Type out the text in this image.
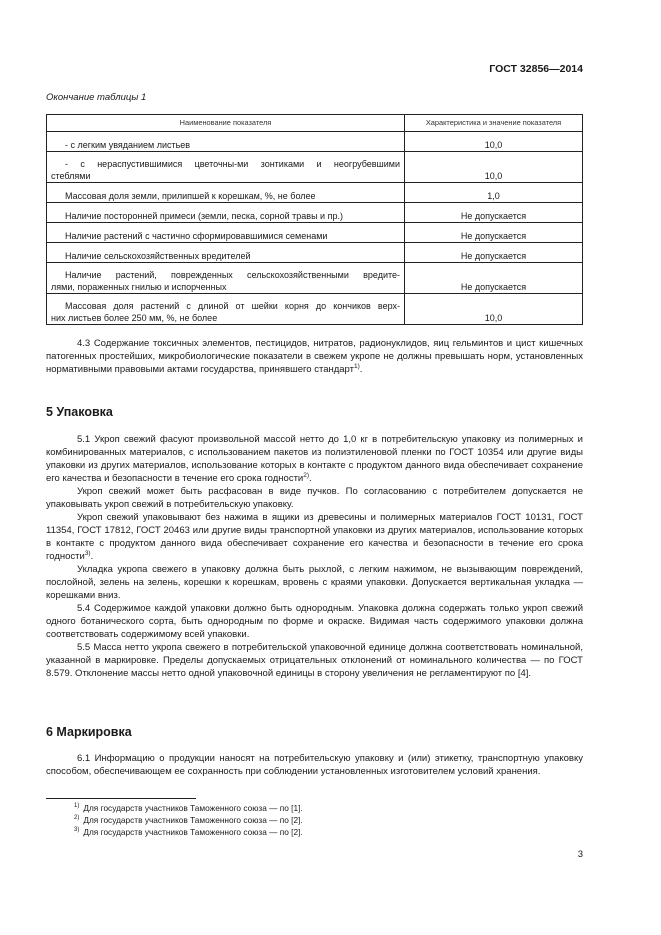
ГОСТ 32856—2014
Окончание таблицы 1
Наименование показателя	Характеристика и значение показателя
- с легким увяданием листьев	10,0

- с нераспустившимися цветочны-ми зонтиками и неогрубевшими
стеблями	10,0
Массовая доля земли, прилипшей к корешкам, %, не более	1,0
Наличие посторонней примеси (земли, песка, сорной травы и пр.)	Не допускается
Наличие растений с частично сформировавшимися семенами	Не допускается
Наличие сельскохозяйственных вредителей	Не допускается

Наличие растений, поврежденных сельскохозяйственными вредите-
лями, пораженных гнилью и испорченных	Не допускается

Массовая доля растений с длиной от шейки корня до кончиков верх-
них листьев более 250 мм, %, не более	10,0

4.3 Содержание токсичных элементов, пестицидов, нитратов, радионуклидов, яиц гельминтов и цист кишечных патогенных простейших, микробиологические показатели в свежем укропе не должны превышать норм, установленных нормативными правовыми актами государства, принявшего стандарт$^{1)}$.

5 Упаковка

5.1 Укроп свежий фасуют произвольной массой нетто до 1,0 кг в потребительскую упаковку из полимерных и комбинированных материалов, с использованием пакетов из полиэтиленовой пленки по ГОСТ 10354 или другие виды упаковки из других материалов, использование которых в контакте с продуктом данного вида обеспечивает сохранение его качества и безопасности в течение его срока годности$^{2)}$.

Укроп свежий может быть расфасован в виде пучков. По согласованию с потребителем допускается не упаковывать укроп свежий в потребительскую упаковку.

Укроп свежий упаковывают без нажима в ящики из древесины и полимерных материалов ГОСТ 10131, ГОСТ 11354, ГОСТ 17812, ГОСТ 20463 или другие виды транспортной упаковки из других материалов, использование которых в контакте с продуктом данного вида обеспечивает сохранение его качества и безопасности в течение его срока годности$^{3)}$.

Укладка укропа свежего в упаковку должна быть рыхлой, с легким нажимом, не вызывающим повреждений, послойной, зелень на зелень, корешки к корешкам, вровень с краями упаковки. Допускается вертикальная укладка — корешками вниз.

5.4 Содержимое каждой упаковки должно быть однородным. Упаковка должна содержать только укроп свежий одного ботанического сорта, быть однородным по форме и окраске. Видимая часть содержимого упаковки должна соответствовать содержимому всей упаковки.

5.5 Масса нетто укропа свежего в потребительской упаковочной единице должна соответствовать номинальной, указанной в маркировке. Пределы допускаемых отрицательных отклонений от номинального количества — по ГОСТ 8.579. Отклонение массы нетто одной упаковочной единицы в сторону увеличения не регламентируют по [4].

6 Маркировка

6.1 Информацию о продукции наносят на потребительскую упаковку и (или) этикетку, транспортную упаковку способом, обеспечивающем ее сохранность при соблюдении установленных изготовителем условий хранения.

$^{1)}$ Для государств участников Таможенного союза — по [1].
$^{2)}$ Для государств участников Таможенного союза — по [2].
$^{3)}$ Для государств участников Таможенного союза — по [2].
3
